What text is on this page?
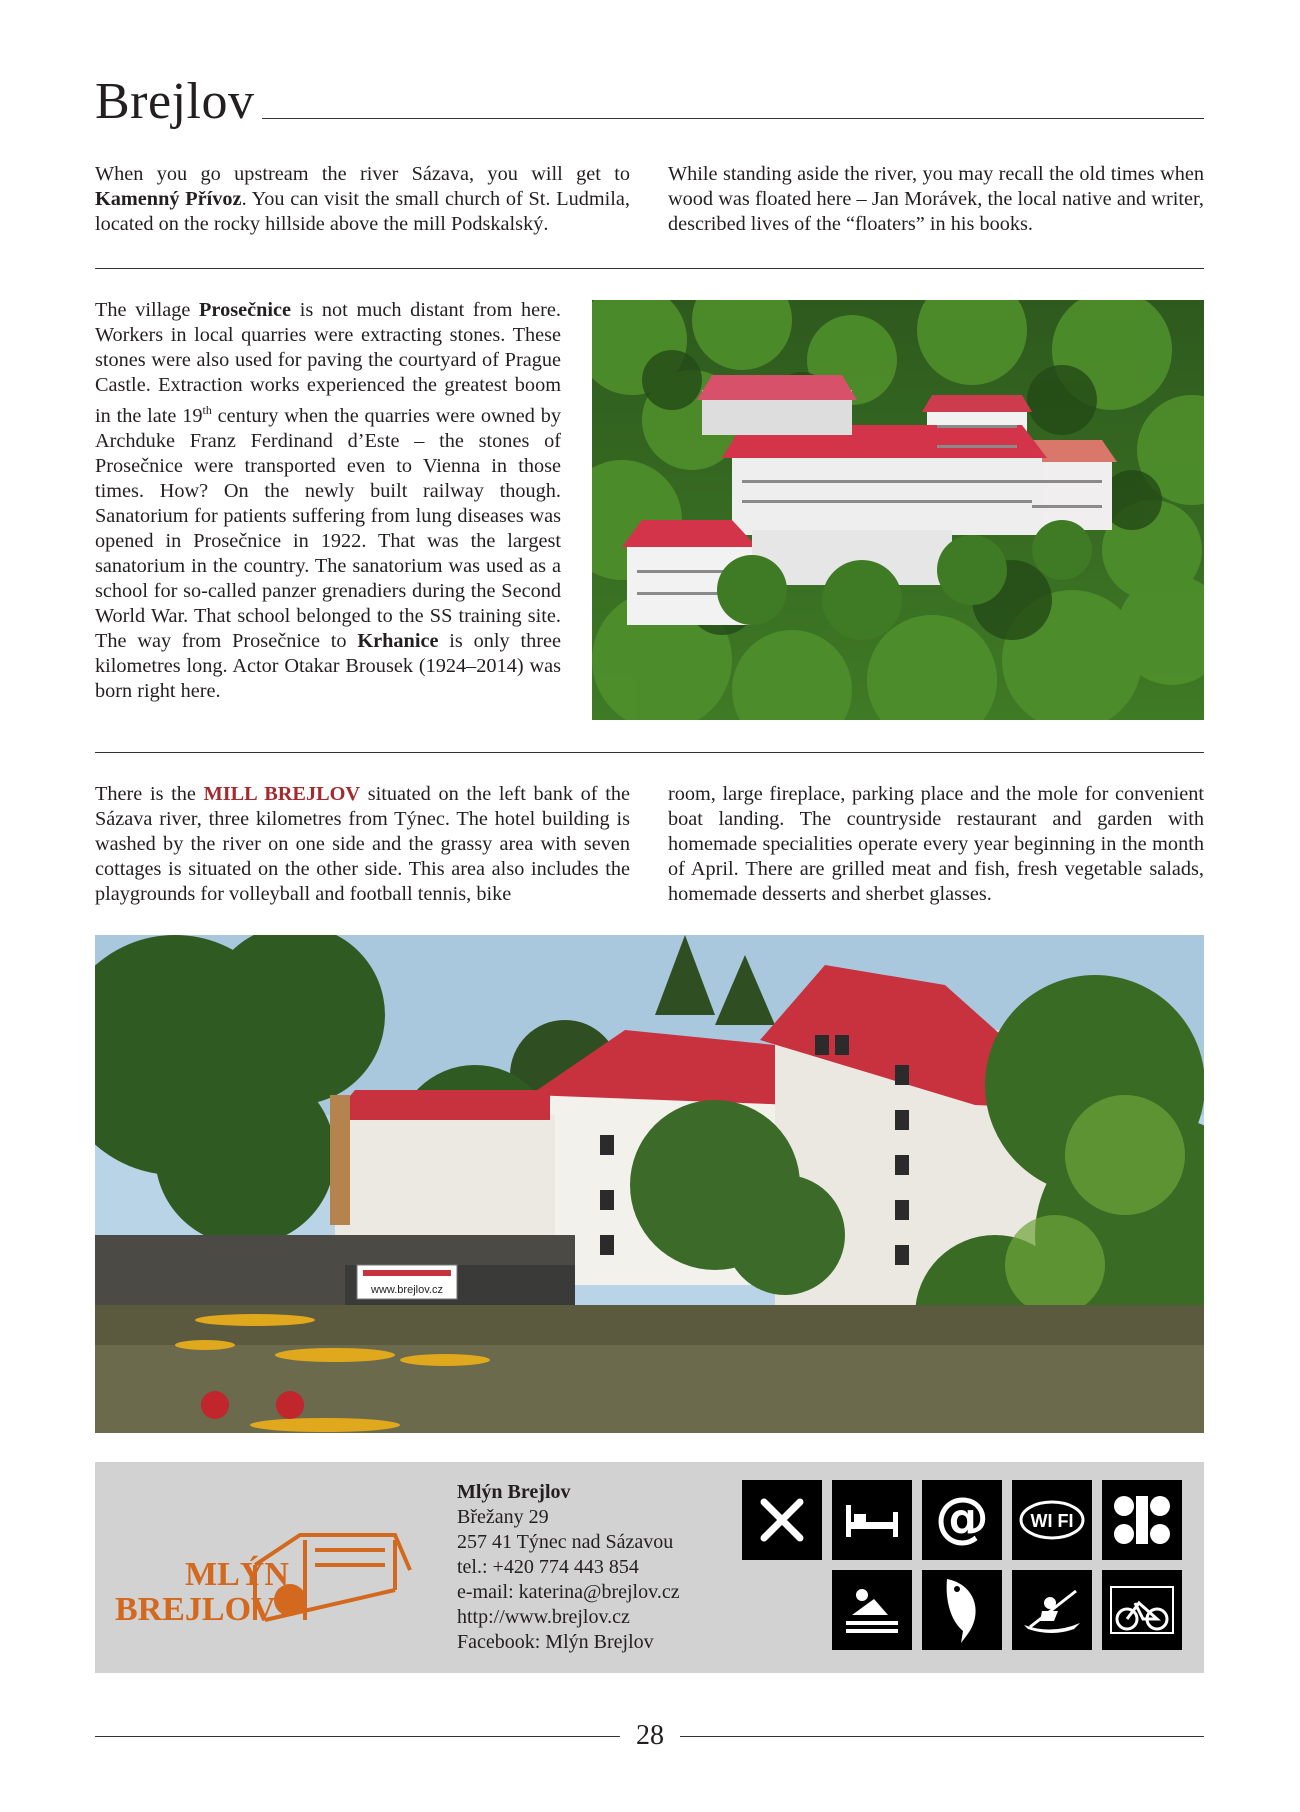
Brejlov

When you go upstream the river Sázava, you will get to Kamenný Přívoz. You can visit the small church of St. Ludmila, located on the rocky hillside above the mill Podskalský.

While standing aside the river, you may recall the old times when wood was floated here – Jan Morávek, the local native and writer, described lives of the “floaters” in his books.

The village Prosečnice is not much distant from here. Workers in local quarries were extracting stones. These stones were also used for paving the courtyard of Prague Castle. Extraction works experienced the greatest boom in the late 19th century when the quarries were owned by Archduke Franz Ferdinand d’Este – the stones of Prosečnice were transported even to Vienna in those times. How? On the newly built railway though. Sanatorium for patients suffering from lung diseases was opened in Prosečnice in 1922. That was the largest sanatorium in the country. The sanatorium was used as a school for so-called panzer grenadiers during the Second World War. That school belonged to the SS training site. The way from Prosečnice to Krhanice is only three kilometres long. Actor Otakar Brousek (1924–2014) was born right here.

There is the MILL BREJLOV situated on the left bank of the Sázava river, three kilometres from Týnec. The hotel building is washed by the river on one side and the grassy area with seven cottages is situated on the other side. This area also includes the playgrounds for volleyball and football tennis, bike

room, large fireplace, parking place and the mole for convenient boat landing. The countryside restaurant and garden with homemade specialities operate every year beginning in the month of April. There are grilled meat and fish, fresh vegetable salads, homemade desserts and sherbet glasses.

www.brejlov.cz
MLÝN
BREJLOV
Mlýn Brejlov
Břežany 29
257 41 Týnec nad Sázavou
tel.: +420 774 443 854
e-mail: katerina@brejlov.cz
http://www.brejlov.cz
Facebook: Mlýn Brejlov
@ WI FI
28
